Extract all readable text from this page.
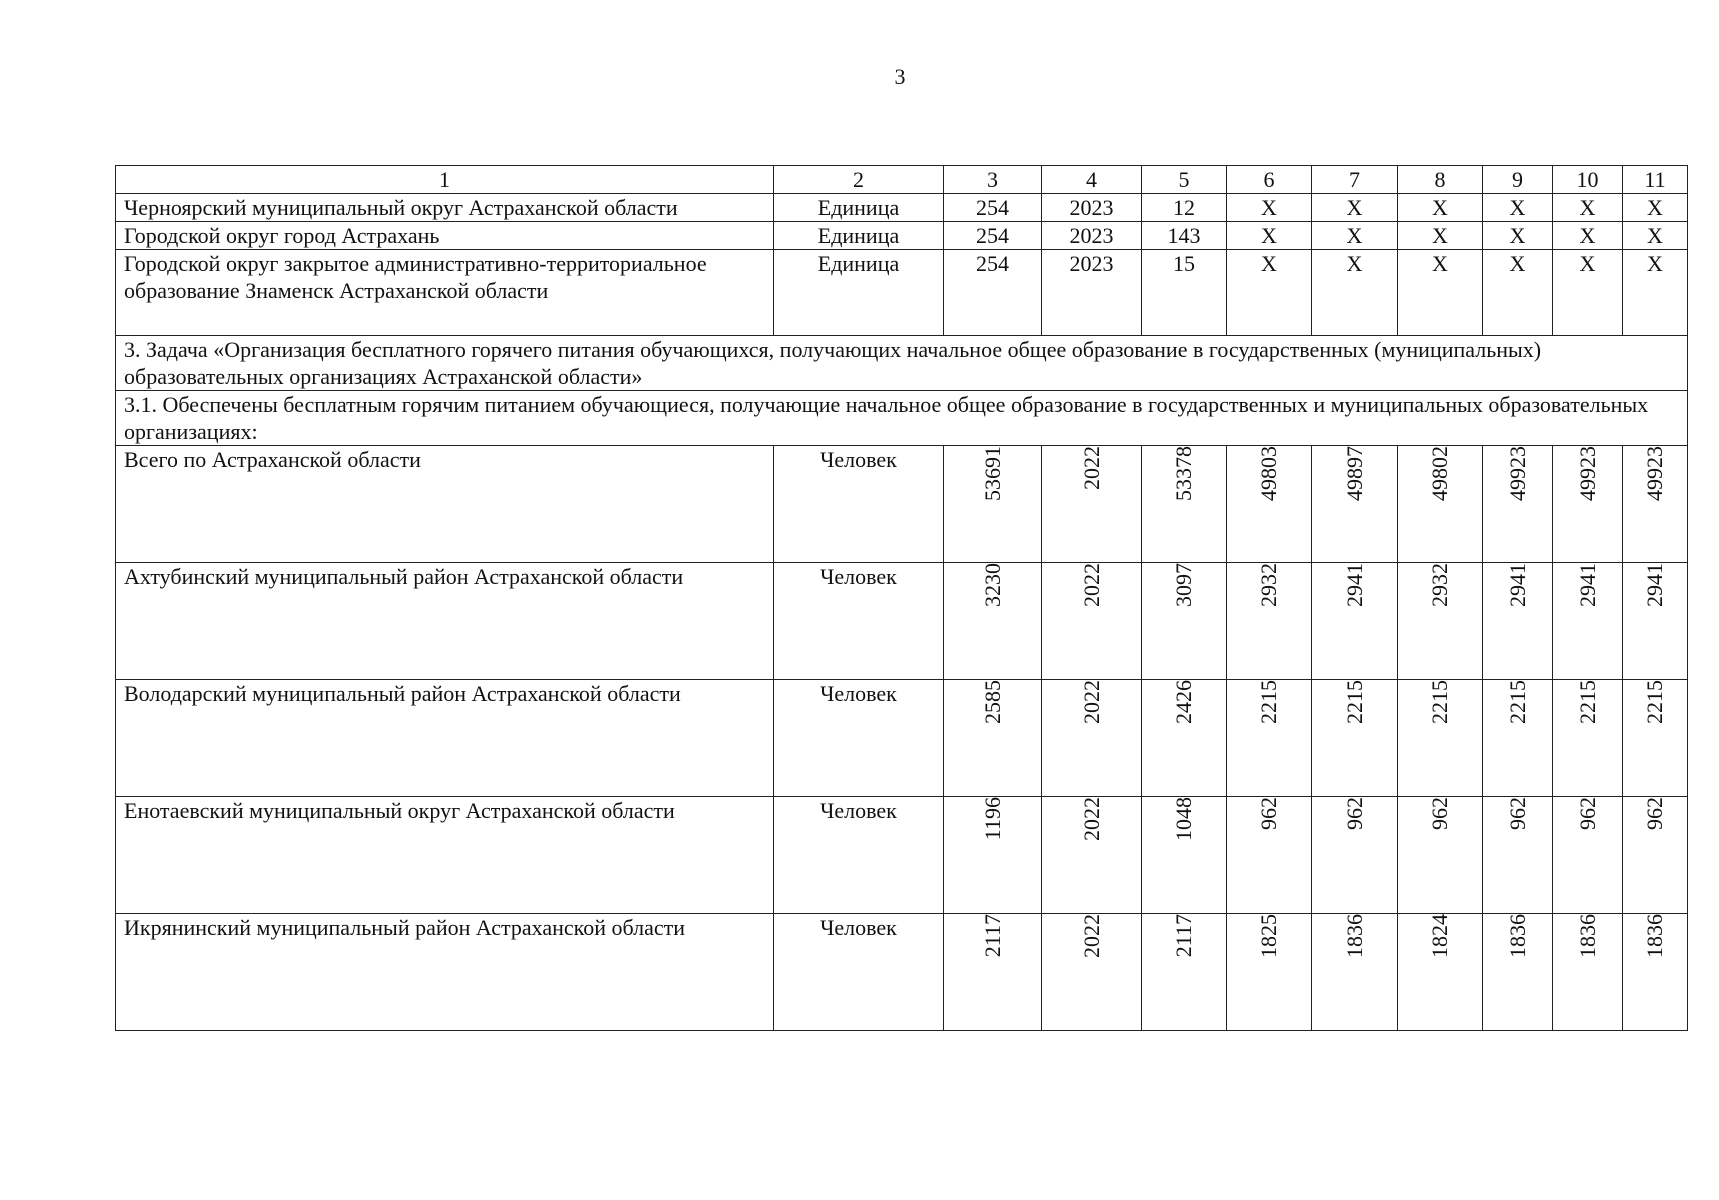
3
1	2	3	4	5	6	7	8	9	10	11
Черноярский муниципальный округ Астраханской области	Единица	254	2023	12	X	X	X	X	X	X
Городской округ город Астрахань	Единица	254	2023	143	X	X	X	X	X	X
Городской округ закрытое административно-территориальное образование Знаменск Астраханской области	Единица	254	2023	15	X	X	X	X	X	X
3. Задача «Организация бесплатного горячего питания обучающихся, получающих начальное общее образование в государственных (муниципальных) образовательных организациях Астраханской области»										
3.1. Обеспечены бесплатным горячим питанием обучающиеся, получающие начальное общее образование в государственных и муниципальных образовательных организациях:										
Всего по Астраханской области	Человек	53691	2022	53378	49803	49897	49802	49923	49923	49923
Ахтубинский муниципальный район Астраханской области	Человек	3230	2022	3097	2932	2941	2932	2941	2941	2941
Володарский муниципальный район Астраханской области	Человек	2585	2022	2426	2215	2215	2215	2215	2215	2215
Енотаевский муниципальный округ Астраханской области	Человек	1196	2022	1048	962	962	962	962	962	962
Икрянинский муниципальный район Астраханской области	Человек	2117	2022	2117	1825	1836	1824	1836	1836	1836
